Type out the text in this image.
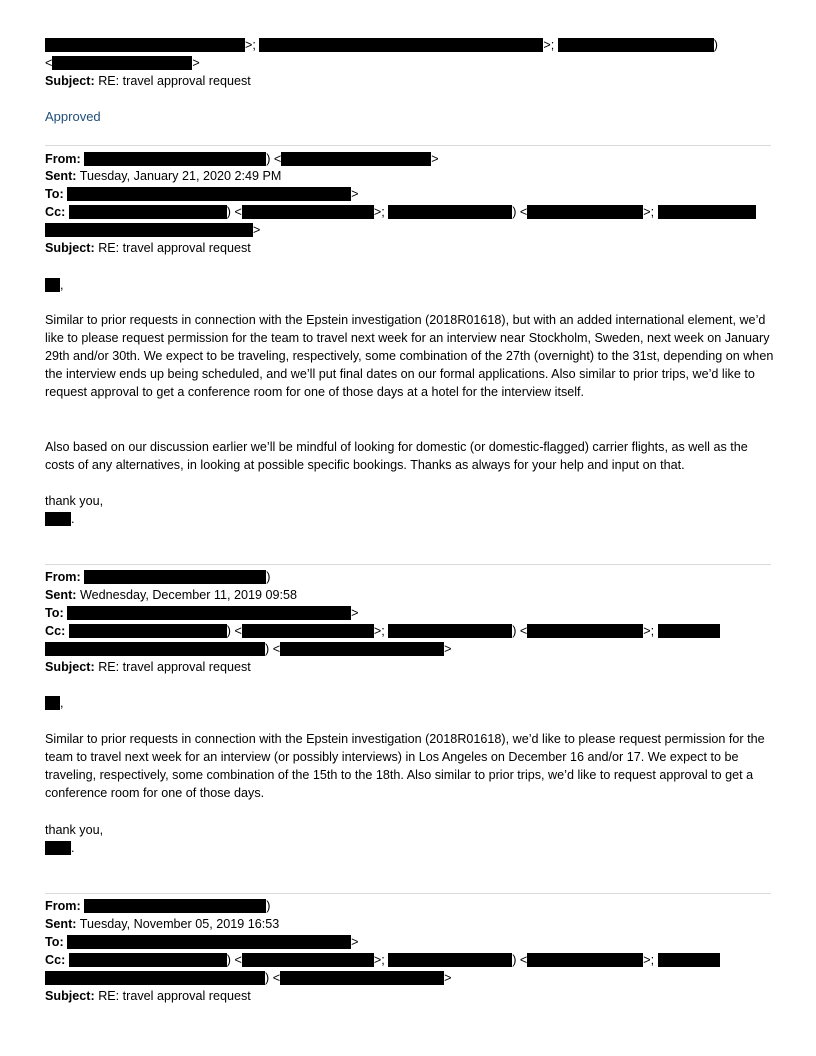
>;	>;	)
<	>
Subject: RE: travel approval request
Approved
From:	) <	>
Sent: Tuesday, January 21, 2020 2:49 PM
To:	>
Cc:	) <	>;	) <	>;
>
Subject: RE: travel approval request
,
Similar to prior requests in connection with the Epstein investigation (2018R01618), but with an added international element, we’d like to please request permission for the team to travel next week for an interview near Stockholm, Sweden, next week on January 29th and/or 30th. We expect to be traveling, respectively, some combination of the 27th (overnight) to the 31st, depending on when the interview ends up being scheduled, and we’ll put final dates on our formal applications. Also similar to prior trips, we’d like to request approval to get a conference room for one of those days at a hotel for the interview itself.
Also based on our discussion earlier we’ll be mindful of looking for domestic (or domestic-flagged) carrier flights, as well as the costs of any alternatives, in looking at possible specific bookings. Thanks as always for your help and input on that.
thank you,
.
From:	)
Sent: Wednesday, December 11, 2019 09:58
To:	>
Cc:	) <	>;	) <	>;
) <	>
Subject: RE: travel approval request
,
Similar to prior requests in connection with the Epstein investigation (2018R01618), we’d like to please request permission for the team to travel next week for an interview (or possibly interviews) in Los Angeles on December 16 and/or 17. We expect to be traveling, respectively, some combination of the 15th to the 18th. Also similar to prior trips, we’d like to request approval to get a conference room for one of those days.
thank you,
.
From:	)
Sent: Tuesday, November 05, 2019 16:53
To:	>
Cc:	) <	>;	) <	>;
) <	>
Subject: RE: travel approval request
